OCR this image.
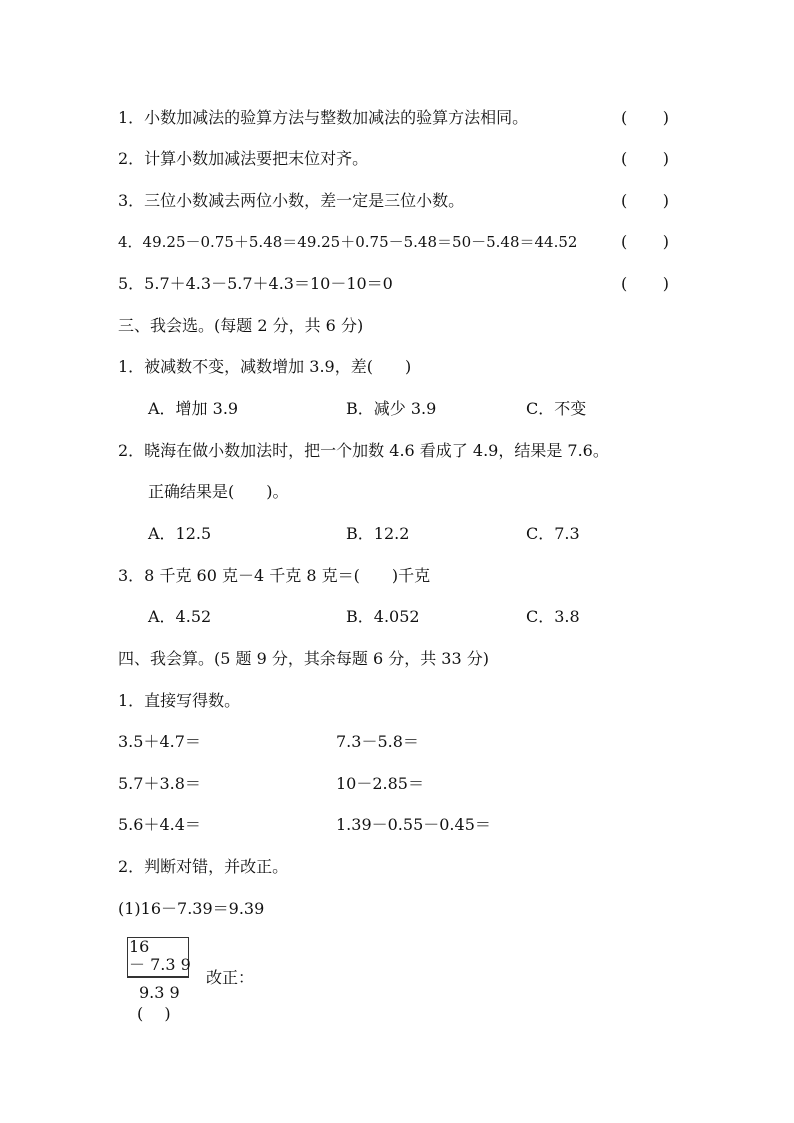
1．小数加减法的验算方法与整数加减法的验算方法相同。	( )
2．计算小数加减法要把末位对齐。	( )
3．三位小数减去两位小数，差一定是三位小数。	( )
4．49.25－0.75＋5.48＝49.25＋0.75－5.48＝50－5.48＝44.52	( )
5．5.7＋4.3－5.7＋4.3＝10－10＝0	( )
三、我会选。(每题 2 分，共 6 分)
1．被减数不变，减数增加 3.9，差(　　)
A．增加 3.9	B．减少 3.9	C．不变
2．晓海在做小数加法时，把一个加数 4.6 看成了 4.9，结果是 7.6。
正确结果是(　　)。
A．12.5	B．12.2	C．7.3
3．8 千克 60 克－4 千克 8 克＝(　　)千克
A．4.52	B．4.052	C．3.8
四、我会算。(5 题 9 分，其余每题 6 分，共 33 分)
1．直接写得数。
3.5＋4.7＝	7.3－5.8＝
5.7＋3.8＝	10－2.85＝
5.6＋4.4＝	1.39－0.55－0.45＝
2．判断对错，并改正。
(1)16－7.39＝9.39
16
－ 7.3 9
9.3 9
(　 )
改正：
